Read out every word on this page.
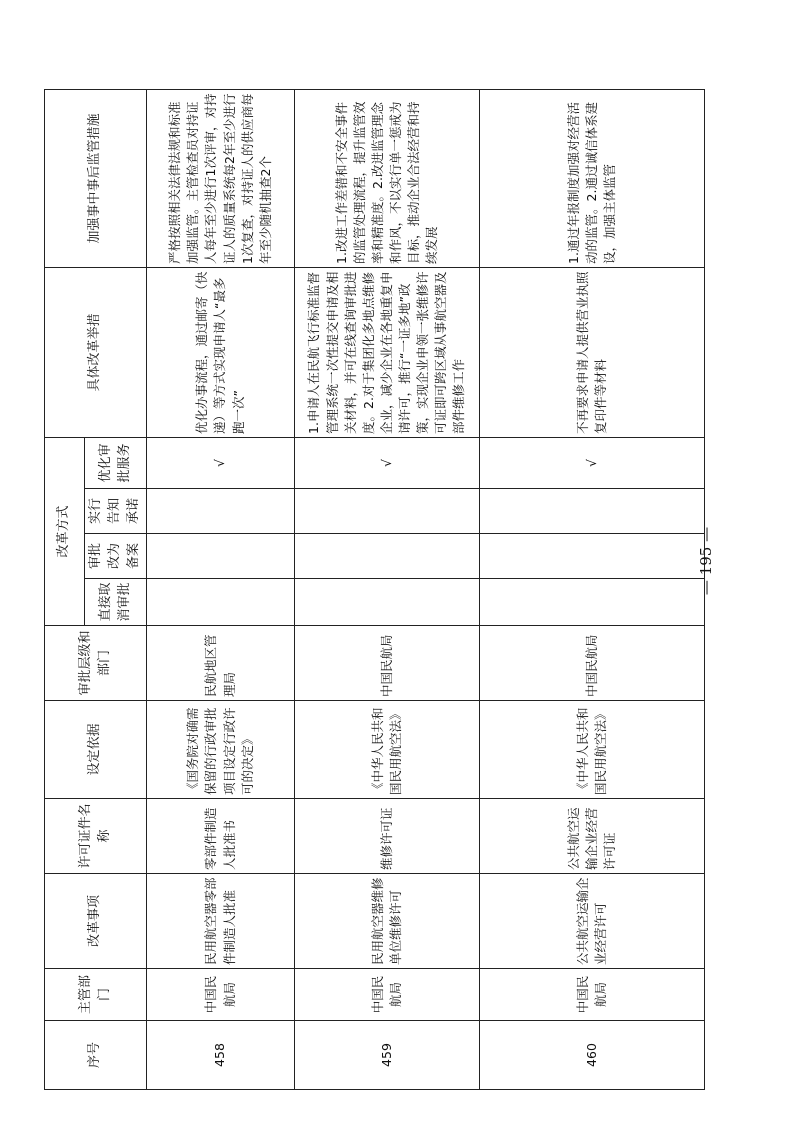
序号	主管部门	改革事项	许可证件名称	设定依据	审批层级和部门	改革方式				具体改革举措	加强事中事后监管措施
						直接取消审批	审批改为备案	实行告知承诺	优化审批服务		
458	中国民航局	民用航空器零部件制造人批准	零部件制造人批准书	《国务院对确需保留的行政审批项目设定行政许可的决定》	民航地区管理局				√	优化办事流程，通过邮寄（快递）等方式实现申请人“最多跑一次”	严格按照相关法律法规和标准加强监管。主管检查员对持证人每年至少进行1次评审，对持证人的质量系统每2年至少进行1次复查，对持证人的供应商每年至少随机抽查2个
459	中国民航局	民用航空器维修单位维修许可	维修许可证	《中华人民共和国民用航空法》	中国民航局				√	1.申请人在民航飞行标准监督管理系统一次性提交申请及相关材料，并可在线查询审批进度。2.对于集团化多地点维修企业，减少企业在各地重复申请许可，推行“一证多地”政策，实现企业申领一张维修许可证即可跨区域从事航空器及部件维修工作	1.改进工作差错和不安全事件的监管处理流程，提升监管效率和精准度。2.改进监管理念和作风，不以实行单一惩戒为目标，推动企业合法经营和持续发展
460	中国民航局	公共航空运输企业经营许可	公共航空运输企业经营许可证	《中华人民共和国民用航空法》	中国民航局				√	不再要求申请人提供营业执照复印件等材料	1.通过年报制度加强对经营活动的监管。2.通过诚信体系建设，加强主体监管
— 195 —
